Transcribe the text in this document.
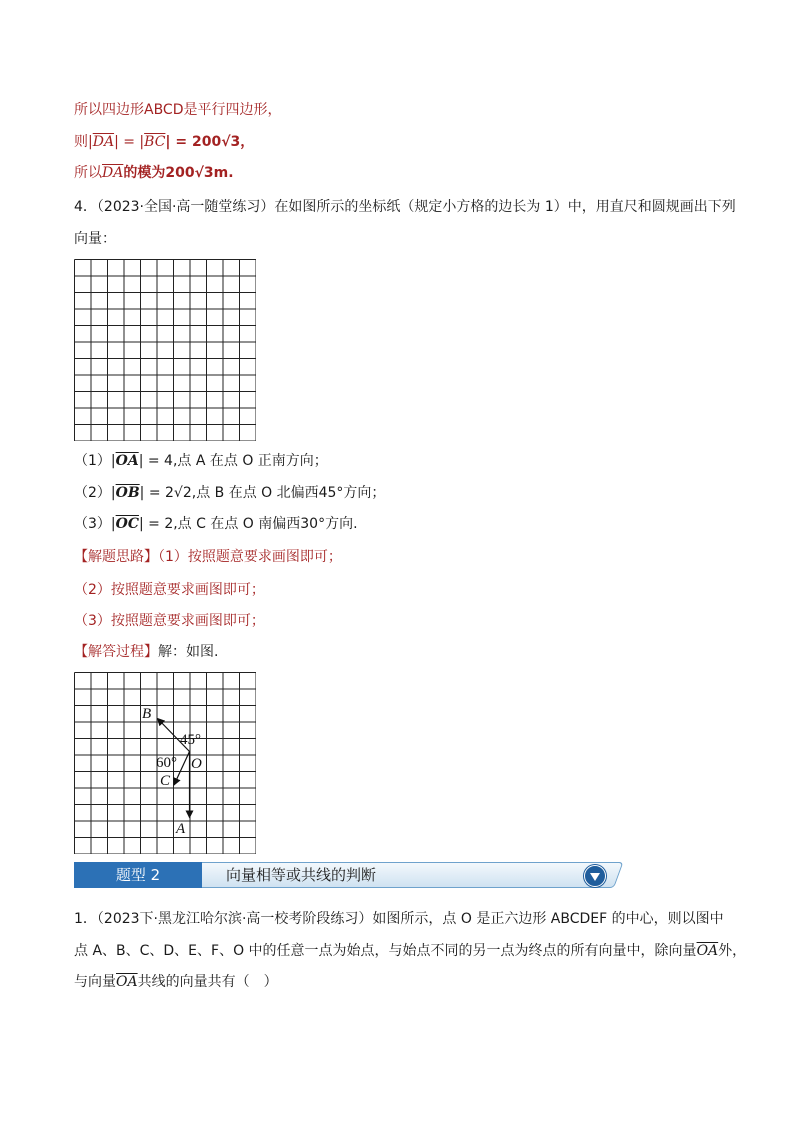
所以四边形ABCD是平行四边形，
则$|\overline{DA}| = |\overline{BC}| = 200√3$，
所以$\overline{DA}$的模为200√3m.
4．（2023·全国·高一随堂练习）在如图所示的坐标纸（规定小方格的边长为 1）中，用直尺和圆规画出下列
向量：
$(1)|\overline{OA}| = 4$,点 A 在点 O 正南方向；
$(2)|\overline{OB}| = 2√2$,点 B 在点 O 北偏西45°方向；
$(3)|\overline{OC}| = 2$,点 C 在点 O 南偏西30°方向.
【解题思路】（1）按照题意要求画图即可；
（2）按照题意要求画图即可；
（3）按照题意要求画图即可；
【解答过程】解：如图.
B
C
O
A
45°
60°
题型 2	向量相等或共线的判断
1．（2023下·黑龙江哈尔滨·高一校考阶段练习）如图所示，点 O 是正六边形 ABCDEF 的中心，则以图中
点 A、B、C、D、E、F、O 中的任意一点为始点，与始点不同的另一点为终点的所有向量中，除向量$\overline{OA}$外，
与向量$\overline{OA}$共线的向量共有（　）
